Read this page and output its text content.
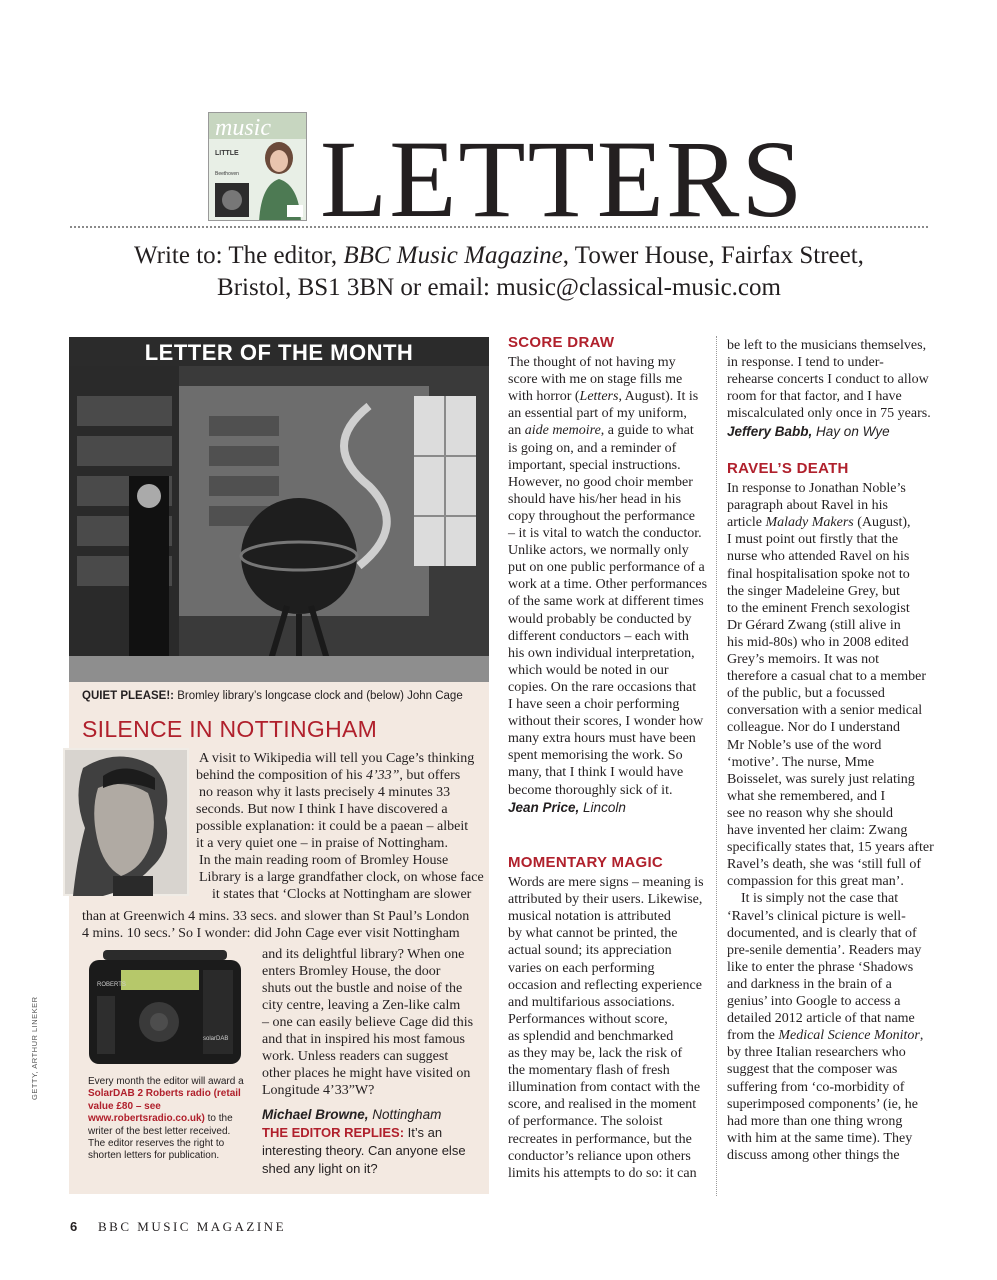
music
LITTLE
Beethoven LETTERS
Write to: The editor, BBC Music Magazine, Tower House, Fairfax Street,
Bristol, BS1 3BN or email: music@classical-music.com
LETTER OF THE MONTH
QUIET PLEASE!: Bromley library’s longcase clock and (below) John Cage
SILENCE IN NOTTINGHAM
ROBERTS
solarDAB
A visit to Wikipedia will tell you Cage’s thinking
behind the composition of his 4’33”, but offers
no reason why it lasts precisely 4 minutes 33
seconds. But now I think I have discovered a
possible explanation: it could be a paean – albeit
it a very quiet one – in praise of Nottingham.
In the main reading room of Bromley House
Library is a large grandfather clock, on whose face
it states that ‘Clocks at Nottingham are slower
than at Greenwich 4 mins. 33 secs. and slower than St Paul’s London
4 mins. 10 secs.’ So I wonder: did John Cage ever visit Nottingham
and its delightful library? When one
enters Bromley House, the door
shuts out the bustle and noise of the
city centre, leaving a Zen-like calm
– one can easily believe Cage did this
and that in inspired his most famous
work. Unless readers can suggest
other places he might have visited on
Longitude 4’33”W?
Michael Browne, Nottingham
THE EDITOR REPLIES: It’s an interesting theory. Can anyone else shed any light on it?
Every month the editor will award a SolarDAB 2 Roberts radio (retail value £80 – see www.robertsradio.co.uk) to the writer of the best letter received. The editor reserves the right to shorten letters for publication.
GETTY, ARTHUR LINEKER
SCORE DRAW
The thought of not having my
score with me on stage fills me
with horror (Letters, August). It is
an essential part of my uniform,
an aide memoire, a guide to what
is going on, and a reminder of
important, special instructions.
However, no good choir member
should have his/her head in his
copy throughout the performance
– it is vital to watch the conductor.
Unlike actors, we normally only
put on one public performance of a
work at a time. Other performances
of the same work at different times
would probably be conducted by
different conductors – each with
his own individual interpretation,
which would be noted in our
copies. On the rare occasions that
I have seen a choir performing
without their scores, I wonder how
many extra hours must have been
spent memorising the work. So
many, that I think I would have
become thoroughly sick of it.
Jean Price, Lincoln
MOMENTARY MAGIC
Words are mere signs – meaning is
attributed by their users. Likewise,
musical notation is attributed
by what cannot be printed, the
actual sound; its appreciation
varies on each performing
occasion and reflecting experience
and multifarious associations.
Performances without score,
as splendid and benchmarked
as they may be, lack the risk of
the momentary flash of fresh
illumination from contact with the
score, and realised in the moment
of performance. The soloist
recreates in performance, but the
conductor’s reliance upon others
limits his attempts to do so: it can
be left to the musicians themselves,
in response. I tend to under-
rehearse concerts I conduct to allow
room for that factor, and I have
miscalculated only once in 75 years.
Jeffery Babb, Hay on Wye
RAVEL’S DEATH
In response to Jonathan Noble’s
paragraph about Ravel in his
article Malady Makers (August),
I must point out firstly that the
nurse who attended Ravel on his
final hospitalisation spoke not to
the singer Madeleine Grey, but
to the eminent French sexologist
Dr Gérard Zwang (still alive in
his mid-80s) who in 2008 edited
Grey’s memoirs. It was not
therefore a casual chat to a member
of the public, but a focussed
conversation with a senior medical
colleague. Nor do I understand
Mr Noble’s use of the word
‘motive’. The nurse, Mme
Boisselet, was surely just relating
what she remembered, and I
see no reason why she should
have invented her claim: Zwang
specifically states that, 15 years after
Ravel’s death, she was ‘still full of
compassion for this great man’.
It is simply not the case that
‘Ravel’s clinical picture is well-
documented, and is clearly that of
pre-senile dementia’. Readers may
like to enter the phrase ‘Shadows
and darkness in the brain of a
genius’ into Google to access a
detailed 2012 article of that name
from the Medical Science Monitor,
by three Italian researchers who
suggest that the composer was
suffering from ‘co-morbidity of
superimposed components’ (ie, he
had more than one thing wrong
with him at the same time). They
discuss among other things the
6 BBC MUSIC MAGAZINE
